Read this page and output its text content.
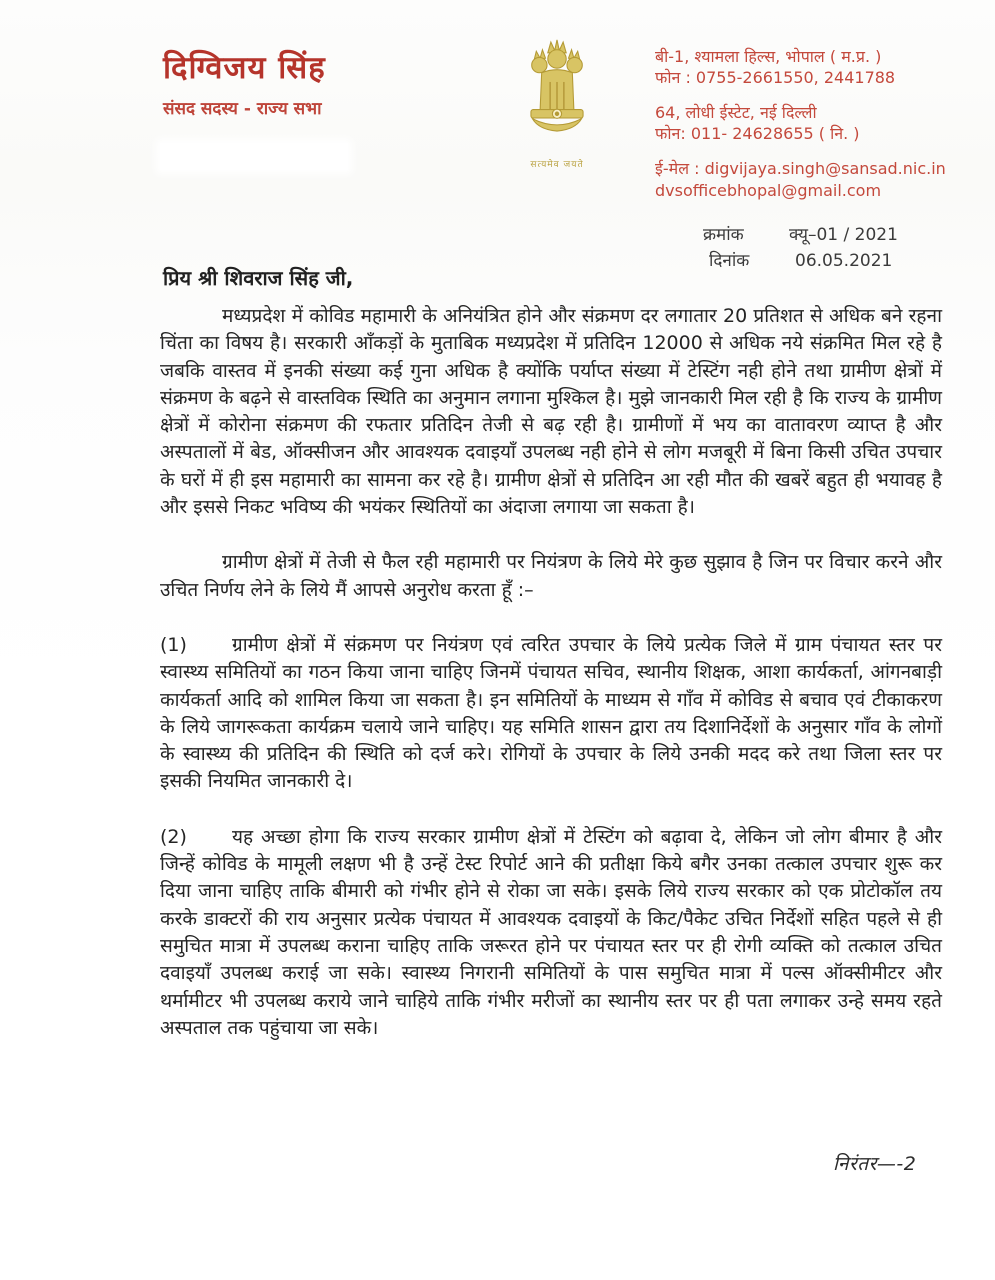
दिग्विजय सिंह
संसद सदस्य - राज्य सभा
सत्यमेव जयते
बी-1, श्यामला हिल्स, भोपाल ( म.प्र. )
फोन : 0755-2661550, 2441788
64, लोधी ईस्टेट, नई दिल्ली
फोन: 011- 24628655 ( नि. )
ई-मेल : digvijaya.singh@sansad.nic.in
dvsofficebhopal@gmail.com
क्रमांक	क्यू–01 / 2021
दिनांक	06.05.2021
प्रिय श्री शिवराज सिंह जी,

मध्यप्रदेश में कोविड महामारी के अनियंत्रित होने और संक्रमण दर लगातार 20 प्रतिशत से अधिक बने रहना चिंता का विषय है। सरकारी आँकड़ों के मुताबिक मध्यप्रदेश में प्रतिदिन 12000 से अधिक नये संक्रमित मिल रहे है जबकि वास्तव में इनकी संख्या कई गुना अधिक है क्योंकि पर्याप्त संख्या में टेस्टिंग नही होने तथा ग्रामीण क्षेत्रों में संक्रमण के बढ़ने से वास्तविक स्थिति का अनुमान लगाना मुश्किल है। मुझे जानकारी मिल रही है कि राज्य के ग्रामीण क्षेत्रों में कोरोना संक्रमण की रफतार प्रतिदिन तेजी से बढ़ रही है। ग्रामीणों में भय का वातावरण व्याप्त है और अस्पतालों में बेड, ऑक्सीजन और आवश्यक दवाइयाँ उपलब्ध नही होने से लोग मजबूरी में बिना किसी उचित उपचार के घरों में ही इस महामारी का सामना कर रहे है। ग्रामीण क्षेत्रों से प्रतिदिन आ रही मौत की खबरें बहुत ही भयावह है और इससे निकट भविष्य की भयंकर स्थितियों का अंदाजा लगाया जा सकता है।

ग्रामीण क्षेत्रों में तेजी से फैल रही महामारी पर नियंत्रण के लिये मेरे कुछ सुझाव है जिन पर विचार करने और उचित निर्णय लेने के लिये मैं आपसे अनुरोध करता हूँ :–

(1) ग्रामीण क्षेत्रों में संक्रमण पर नियंत्रण एवं त्वरित उपचार के लिये प्रत्येक जिले में ग्राम पंचायत स्तर पर स्वास्थ्य समितियों का गठन किया जाना चाहिए जिनमें पंचायत सचिव, स्थानीय शिक्षक, आशा कार्यकर्ता, आंगनबाड़ी कार्यकर्ता आदि को शामिल किया जा सकता है। इन समितियों के माध्यम से गाँव में कोविड से बचाव एवं टीकाकरण के लिये जागरूकता कार्यक्रम चलाये जाने चाहिए। यह समिति शासन द्वारा तय दिशानिर्देशों के अनुसार गाँव के लोगों के स्वास्थ्य की प्रतिदिन की स्थिति को दर्ज करे। रोगियों के उपचार के लिये उनकी मदद करे तथा जिला स्तर पर इसकी नियमित जानकारी दे।

(2) यह अच्छा होगा कि राज्य सरकार ग्रामीण क्षेत्रों में टेस्टिंग को बढ़ावा दे, लेकिन जो लोग बीमार है और जिन्हें कोविड के मामूली लक्षण भी है उन्हें टेस्ट रिपोर्ट आने की प्रतीक्षा किये बगैर उनका तत्काल उपचार शुरू कर दिया जाना चाहिए ताकि बीमारी को गंभीर होने से रोका जा सके। इसके लिये राज्य सरकार को एक प्रोटोकॉल तय करके डाक्टरों की राय अनुसार प्रत्येक पंचायत में आवश्यक दवाइयों के किट/पैकेट उचित निर्देशों सहित पहले से ही समुचित मात्रा में उपलब्ध कराना चाहिए ताकि जरूरत होने पर पंचायत स्तर पर ही रोगी व्यक्ति को तत्काल उचित दवाइयाँ उपलब्ध कराई जा सके। स्वास्थ्य निगरानी समितियों के पास समुचित मात्रा में पल्स ऑक्सीमीटर और थर्मामीटर भी उपलब्ध कराये जाने चाहिये ताकि गंभीर मरीजों का स्थानीय स्तर पर ही पता लगाकर उन्हे समय रहते अस्पताल तक पहुंचाया जा सके।

निरंतर—-2
